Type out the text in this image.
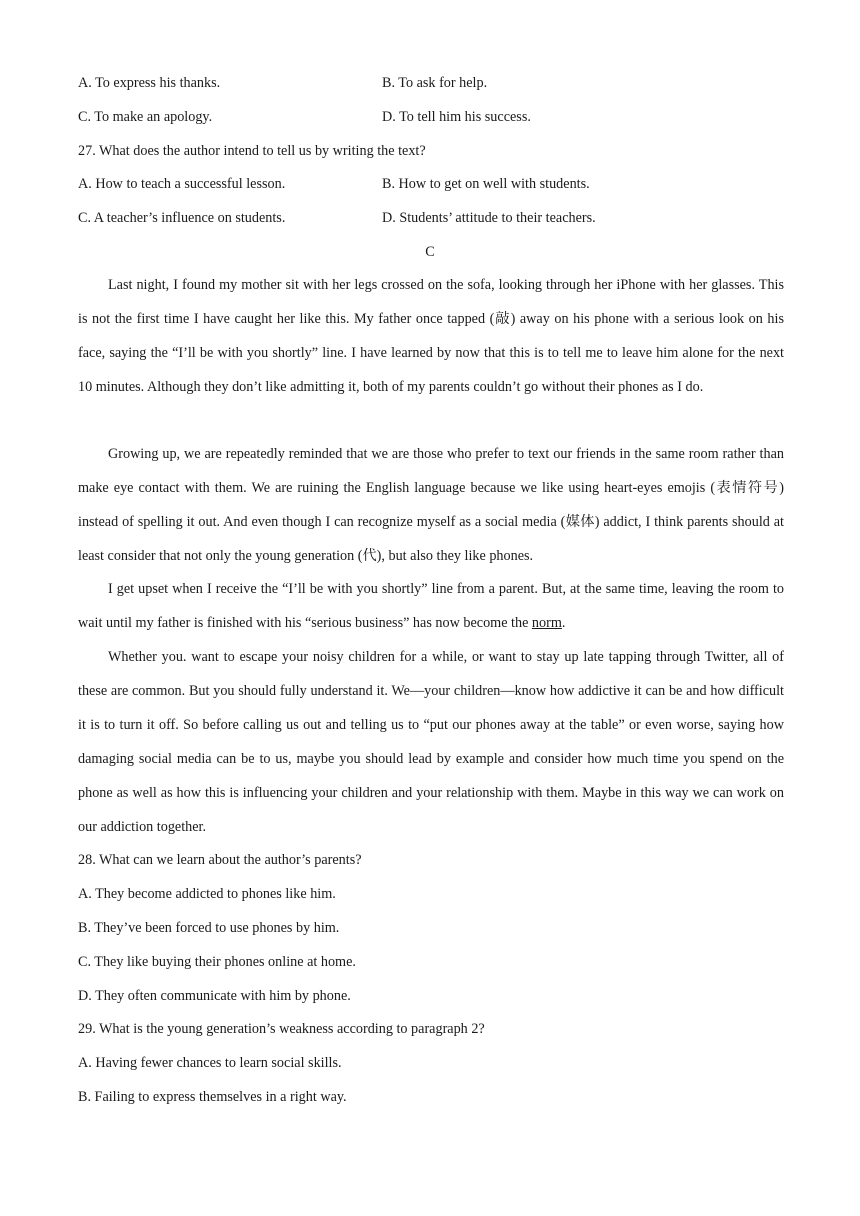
A. To express his thanks.	B. To ask for help.
C. To make an apology.	D. To tell him his success.
27. What does the author intend to tell us by writing the text?
A. How to teach a successful lesson.	B. How to get on well with students.
C. A teacher’s influence on students.	D. Students’ attitude to their teachers.
C

Last night, I found my mother sit with her legs crossed on the sofa, looking through her iPhone with her glasses. This is not the first time I have caught her like this. My father once tapped (敲) away on his phone with a serious look on his face, saying the “I’ll be with you shortly” line. I have learned by now that this is to tell me to leave him alone for the next 10 minutes. Although they don’t like admitting it, both of my parents couldn’t go without their phones as I do.

Growing up, we are repeatedly reminded that we are those who prefer to text our friends in the same room rather than make eye contact with them. We are ruining the English language because we like using heart-eyes emojis (表情符号) instead of spelling it out. And even though I can recognize myself as a social media (媒体) addict, I think parents should at least consider that not only the young generation (代), but also they like phones.

I get upset when I receive the “I’ll be with you shortly” line from a parent. But, at the same time, leaving the room to wait until my father is finished with his “serious business” has now become the norm.

Whether you. want to escape your noisy children for a while, or want to stay up late tapping through Twitter, all of these are common. But you should fully understand it. We—your children—know how addictive it can be and how difficult it is to turn it off. So before calling us out and telling us to “put our phones away at the table” or even worse, saying how damaging social media can be to us, maybe you should lead by example and consider how much time you spend on the phone as well as how this is influencing your children and your relationship with them. Maybe in this way we can work on our addiction together.

28. What can we learn about the author’s parents?
A. They become addicted to phones like him.
B. They’ve been forced to use phones by him.
C. They like buying their phones online at home.
D. They often communicate with him by phone.
29. What is the young generation’s weakness according to paragraph 2?
A. Having fewer chances to learn social skills.
B. Failing to express themselves in a right way.
